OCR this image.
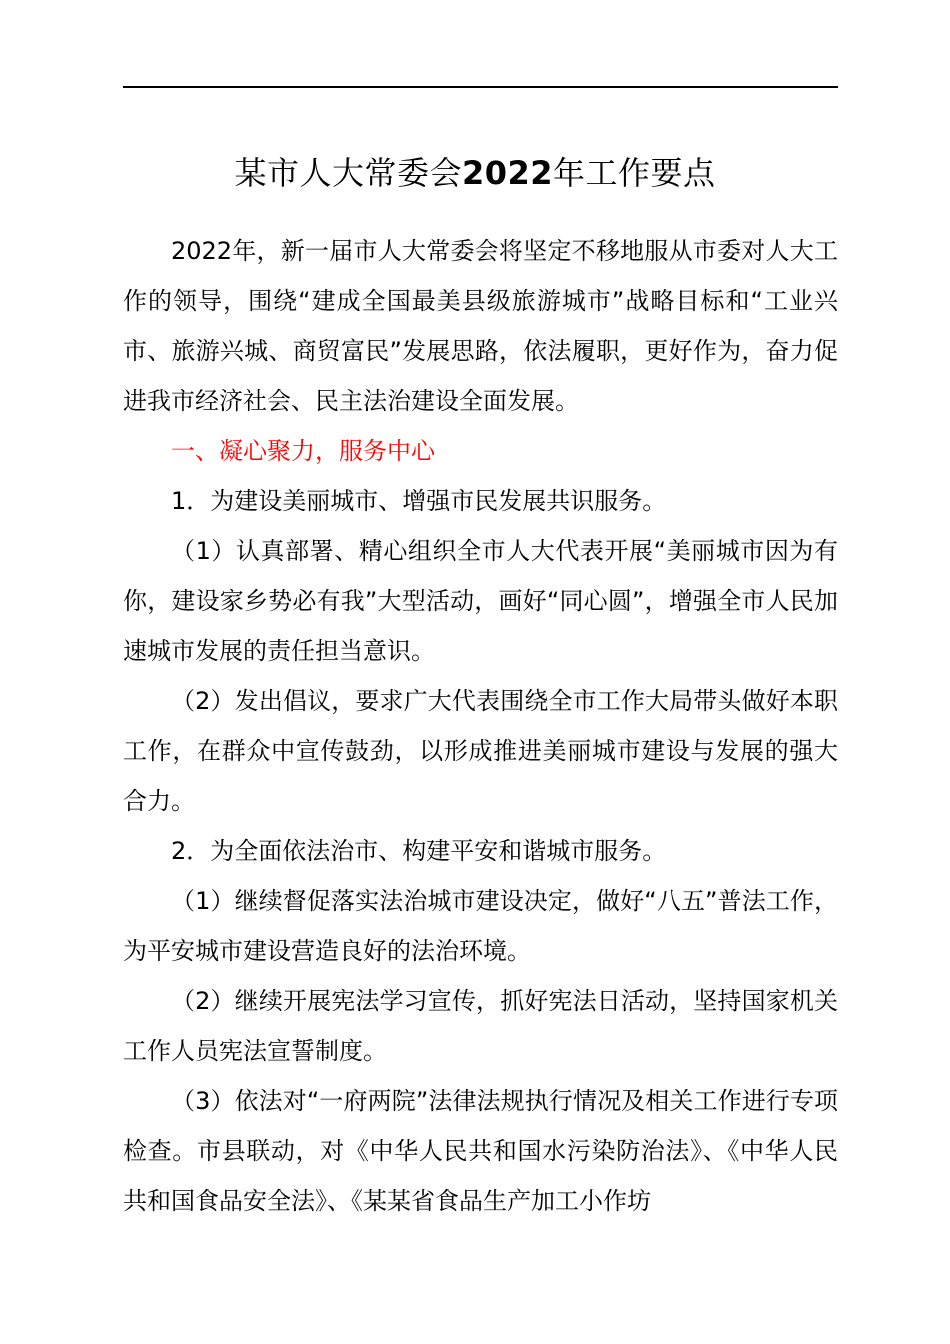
某市人大常委会2022年工作要点

2022年，新一届市人大常委会将坚定不移地服从市委对人大工作的领导，围绕“建成全国最美县级旅游城市”战略目标和“工业兴市、旅游兴城、商贸富民”发展思路，依法履职，更好作为，奋力促进我市经济社会、民主法治建设全面发展。

一、凝心聚力，服务中心

1．为建设美丽城市、增强市民发展共识服务。

（1）认真部署、精心组织全市人大代表开展“美丽城市因为有你，建设家乡势必有我”大型活动，画好“同心圆”，增强全市人民加速城市发展的责任担当意识。

（2）发出倡议，要求广大代表围绕全市工作大局带头做好本职工作，在群众中宣传鼓劲，以形成推进美丽城市建设与发展的强大合力。

2．为全面依法治市、构建平安和谐城市服务。

（1）继续督促落实法治城市建设决定，做好“八五”普法工作，为平安城市建设营造良好的法治环境。

（2）继续开展宪法学习宣传，抓好宪法日活动，坚持国家机关工作人员宪法宣誓制度。

（3）依法对“一府两院”法律法规执行情况及相关工作进行专项检查。市县联动，对《中华人民共和国水污染防治法》、《中华人民共和国食品安全法》、《某某省食品生产加工小作坊
